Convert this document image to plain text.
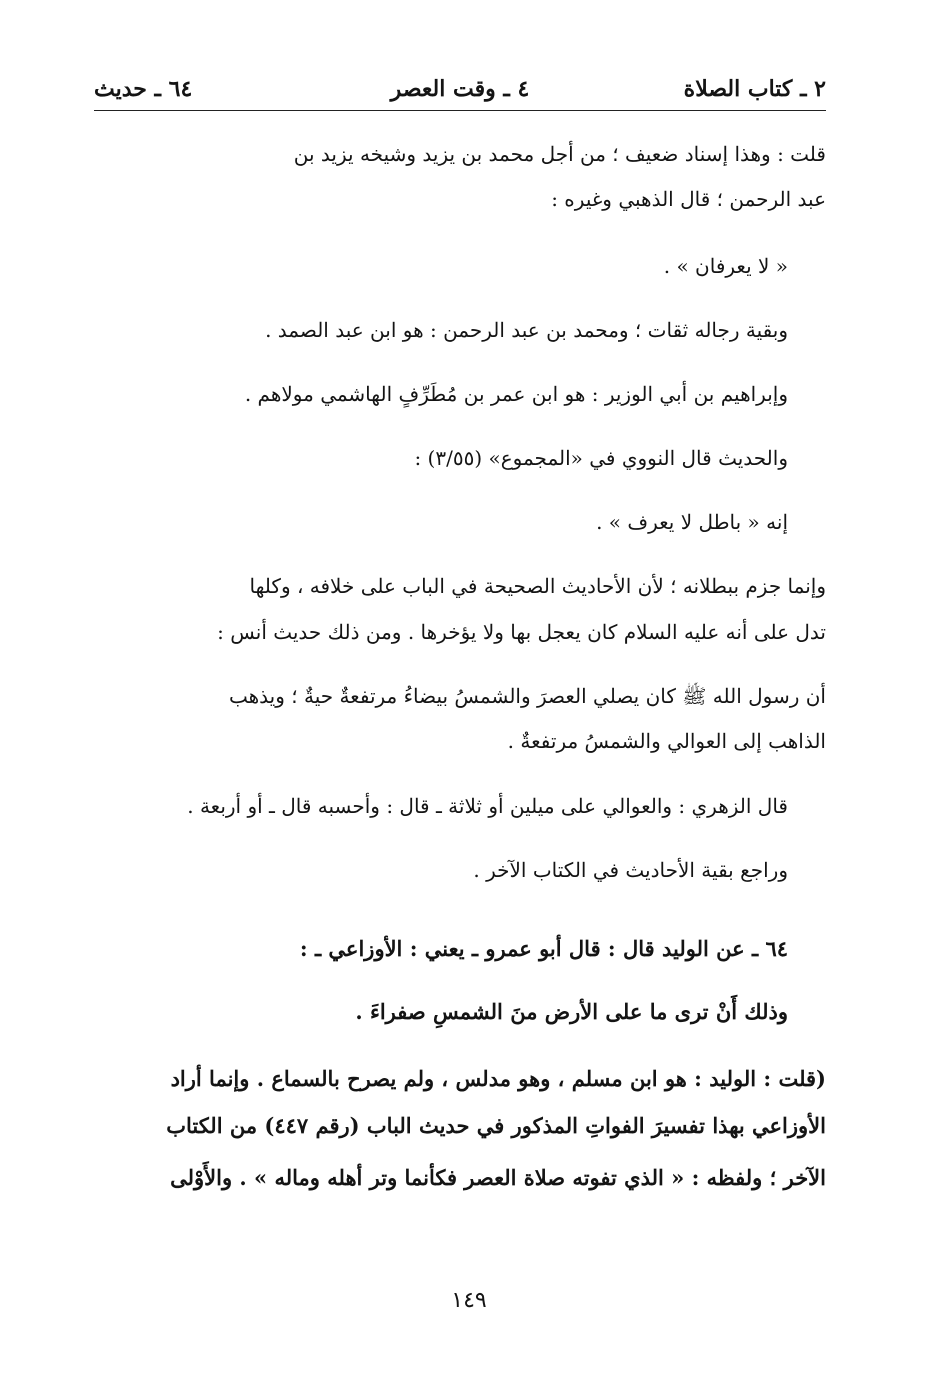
٢ ـ كتاب الصلاة
٤ ـ وقت العصر
٦٤ ـ حديث
قلت : وهذا إسناد ضعيف ؛ من أجل محمد بن يزيد وشيخه يزيد بن
عبد الرحمن ؛ قال الذهبي وغيره :
« لا يعرفان » .
وبقية رجاله ثقات ؛ ومحمد بن عبد الرحمن : هو ابن عبد الصمد .
وإبراهيم بن أبي الوزير : هو ابن عمر بن مُطَرِّفٍ الهاشمي مولاهم .
والحديث قال النووي في «المجموع» (٣/٥٥) :
إنه « باطل لا يعرف » .
وإنما جزم ببطلانه ؛ لأن الأحاديث الصحيحة في الباب على خلافه ، وكلها
تدل على أنه عليه السلام كان يعجل بها ولا يؤخرها . ومن ذلك حديث أنس :
أن رسول الله ﷺ كان يصلي العصرَ والشمسُ بيضاءُ مرتفعةٌ حيةٌ ؛ ويذهب
الذاهب إلى العوالي والشمسُ مرتفعةٌ .
قال الزهري : والعوالي على ميلين أو ثلاثة ـ قال : وأحسبه قال ـ أو أربعة .
وراجع بقية الأحاديث في الكتاب الآخر .
٦٤ ـ عن الوليد قال : قال أبو عمرو ـ يعني : الأوزاعي ـ :
وذلك أَنْ ترى ما على الأرض منَ الشمسِ صفراءَ .
(قلت : الوليد : هو ابن مسلم ، وهو مدلس ، ولم يصرح بالسماع . وإنما أراد
الأوزاعي بهذا تفسيرَ الفواتِ المذكور في حديث الباب (رقم ٤٤٧) من الكتاب
الآخر ؛ ولفظه : « الذي تفوته صلاة العصر فكأنما وتر أهله وماله » . والأَوْلى
١٤٩
